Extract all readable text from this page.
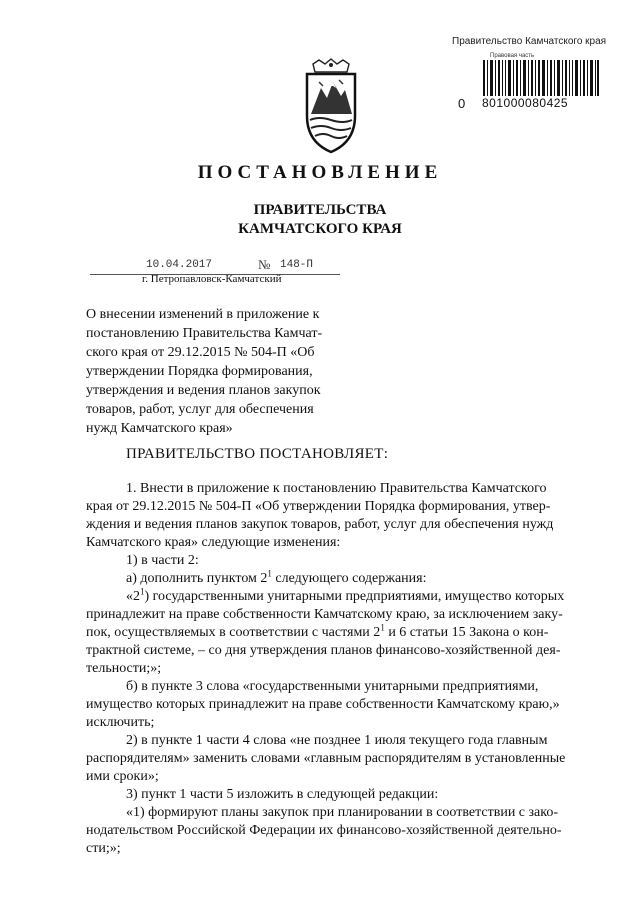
Правительство Камчатского края
Правовая часть
0 801000080425
ПОСТАНОВЛЕНИЕ
ПРАВИТЕЛЬСТВА
КАМЧАТСКОГО КРАЯ
10.04.2017	№ 148-П
г. Петропавловск-Камчатский
О внесении изменений в приложение к
постановлению Правительства Камчат-
ского края от 29.12.2015 № 504-П «Об
утверждении Порядка формирования,
утверждения и ведения планов закупок
товаров, работ, услуг для обеспечения
нужд Камчатского края»
ПРАВИТЕЛЬСТВО ПОСТАНОВЛЯЕТ:
1. Внести в приложение к постановлению Правительства Камчатского
края от 29.12.2015 № 504-П «Об утверждении Порядка формирования, утвер-
ждения и ведения планов закупок товаров, работ, услуг для обеспечения нужд
Камчатского края» следующие изменения:
1) в части 2:
а) дополнить пунктом $2^1$ следующего содержания:
«$2^1$) государственными унитарными предприятиями, имущество которых
принадлежит на праве собственности Камчатскому краю, за исключением заку-
пок, осуществляемых в соответствии с частями $2^1$ и 6 статьи 15 Закона о кон-
трактной системе, – со дня утверждения планов финансово-хозяйственной дея-
тельности;»;
б) в пункте 3 слова «государственными унитарными предприятиями,
имущество которых принадлежит на праве собственности Камчатскому краю,»
исключить;
2) в пункте 1 части 4 слова «не позднее 1 июля текущего года главным
распорядителям» заменить словами «главным распорядителям в установленные
ими сроки»;
3) пункт 1 части 5 изложить в следующей редакции:
«1) формируют планы закупок при планировании в соответствии с зако-
нодательством Российской Федерации их финансово-хозяйственной деятельно-
сти;»;
